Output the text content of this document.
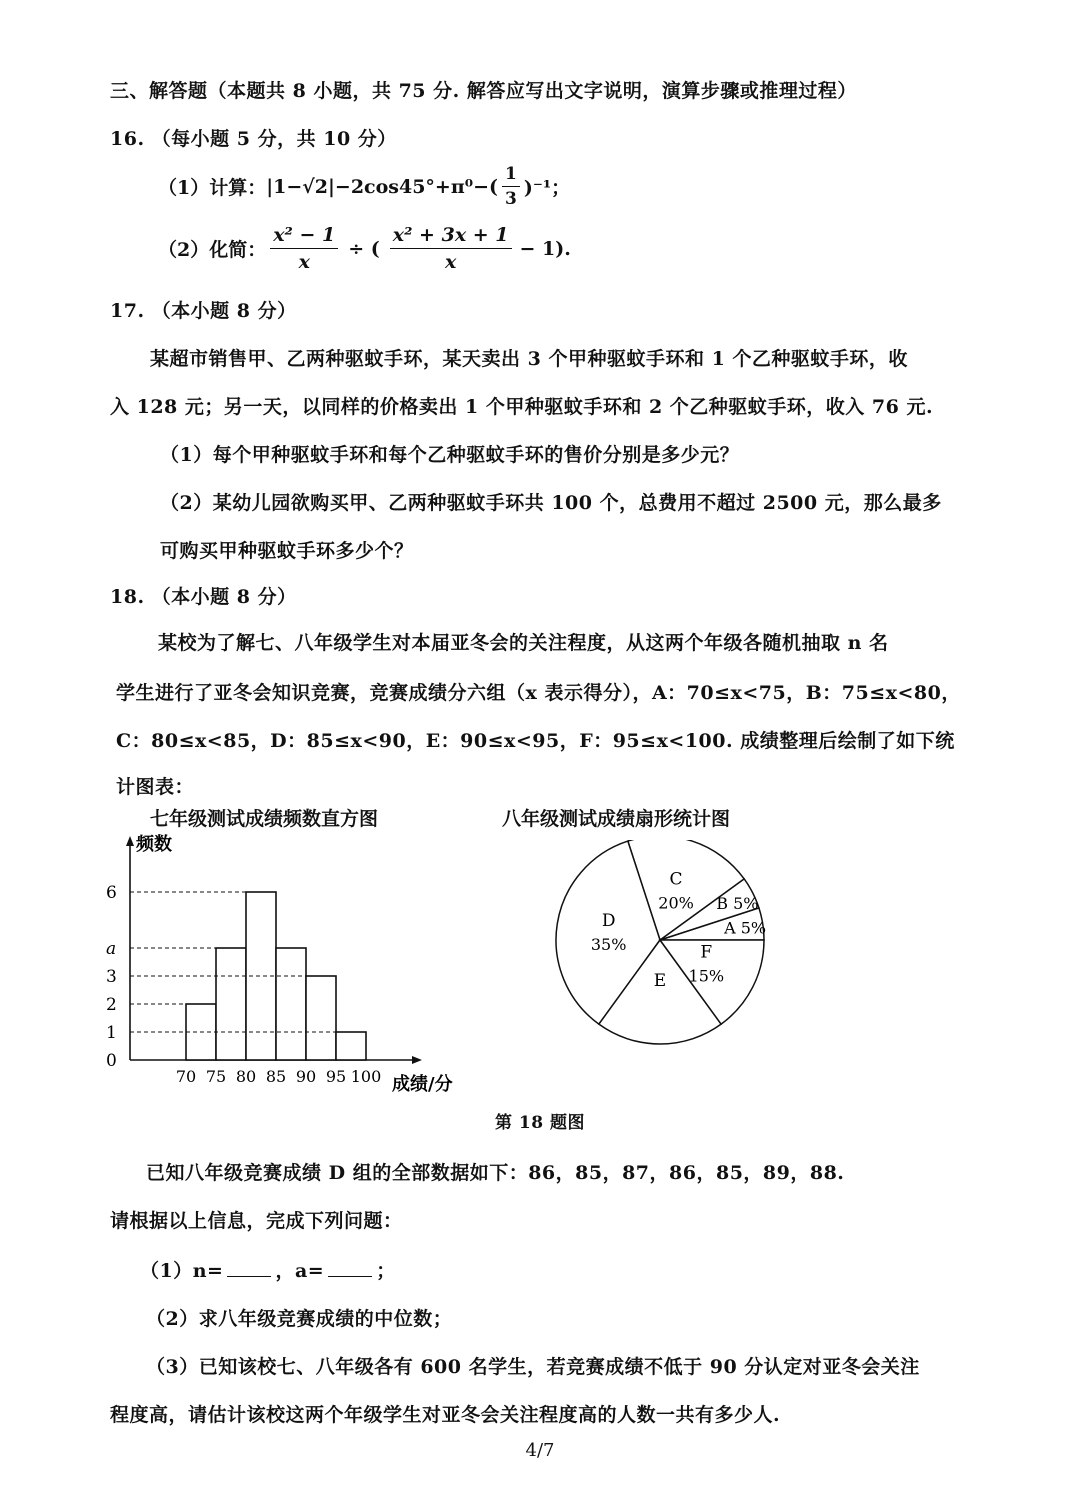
三、解答题（本题共 8 小题，共 75 分. 解答应写出文字说明，演算步骤或推理过程）
16. （每小题 5 分，共 10 分）
（1）计算： $|1-√2|-2\cos 45^\circ+\pi^0-( \frac{1}{3} )^{-1}$；
（2）化简： $\frac{\text{x² − 1}}{x}$ ÷ ( $\frac{\text{x² + 3x + 1}}{x} - 1$).
17. （本小题 8 分）
某超市销售甲、乙两种驱蚊手环，某天卖出 3 个甲种驱蚊手环和 1 个乙种驱蚊手环，收
入 128 元；另一天，以同样的价格卖出 1 个甲种驱蚊手环和 2 个乙种驱蚊手环，收入 76 元.
（1）每个甲种驱蚊手环和每个乙种驱蚊手环的售价分别是多少元？
（2）某幼儿园欲购买甲、乙两种驱蚊手环共 100 个，总费用不超过 2500 元，那么最多
可购买甲种驱蚊手环多少个？
18. （本小题 8 分）
某校为了解七、八年级学生对本届亚冬会的关注程度，从这两个年级各随机抽取 n 名
学生进行了亚冬会知识竞赛，竞赛成绩分六组（x 表示得分），A：70≤x<75，B：75≤x<80，
C：80≤x<85，D：85≤x<90，E：90≤x<95，F：95≤x<100. 成绩整理后绘制了如下统
计图表：
七年级测试成绩频数直方图	八年级测试成绩扇形统计图
频数
成绩/分
0
1
2
3
a
6
70 75 80 85 90 95 100
A 5%
B 5%
C
20%
D
35%
E
F
15%
第 18 题图
已知八年级竞赛成绩 D 组的全部数据如下：86，85，87，86，85，89，88.
请根据以上信息，完成下列问题：
（1）n=	，a=	；
（2）求八年级竞赛成绩的中位数；
（3）已知该校七、八年级各有 600 名学生，若竞赛成绩不低于 90 分认定对亚冬会关注
程度高，请估计该校这两个年级学生对亚冬会关注程度高的人数一共有多少人.
4/7
